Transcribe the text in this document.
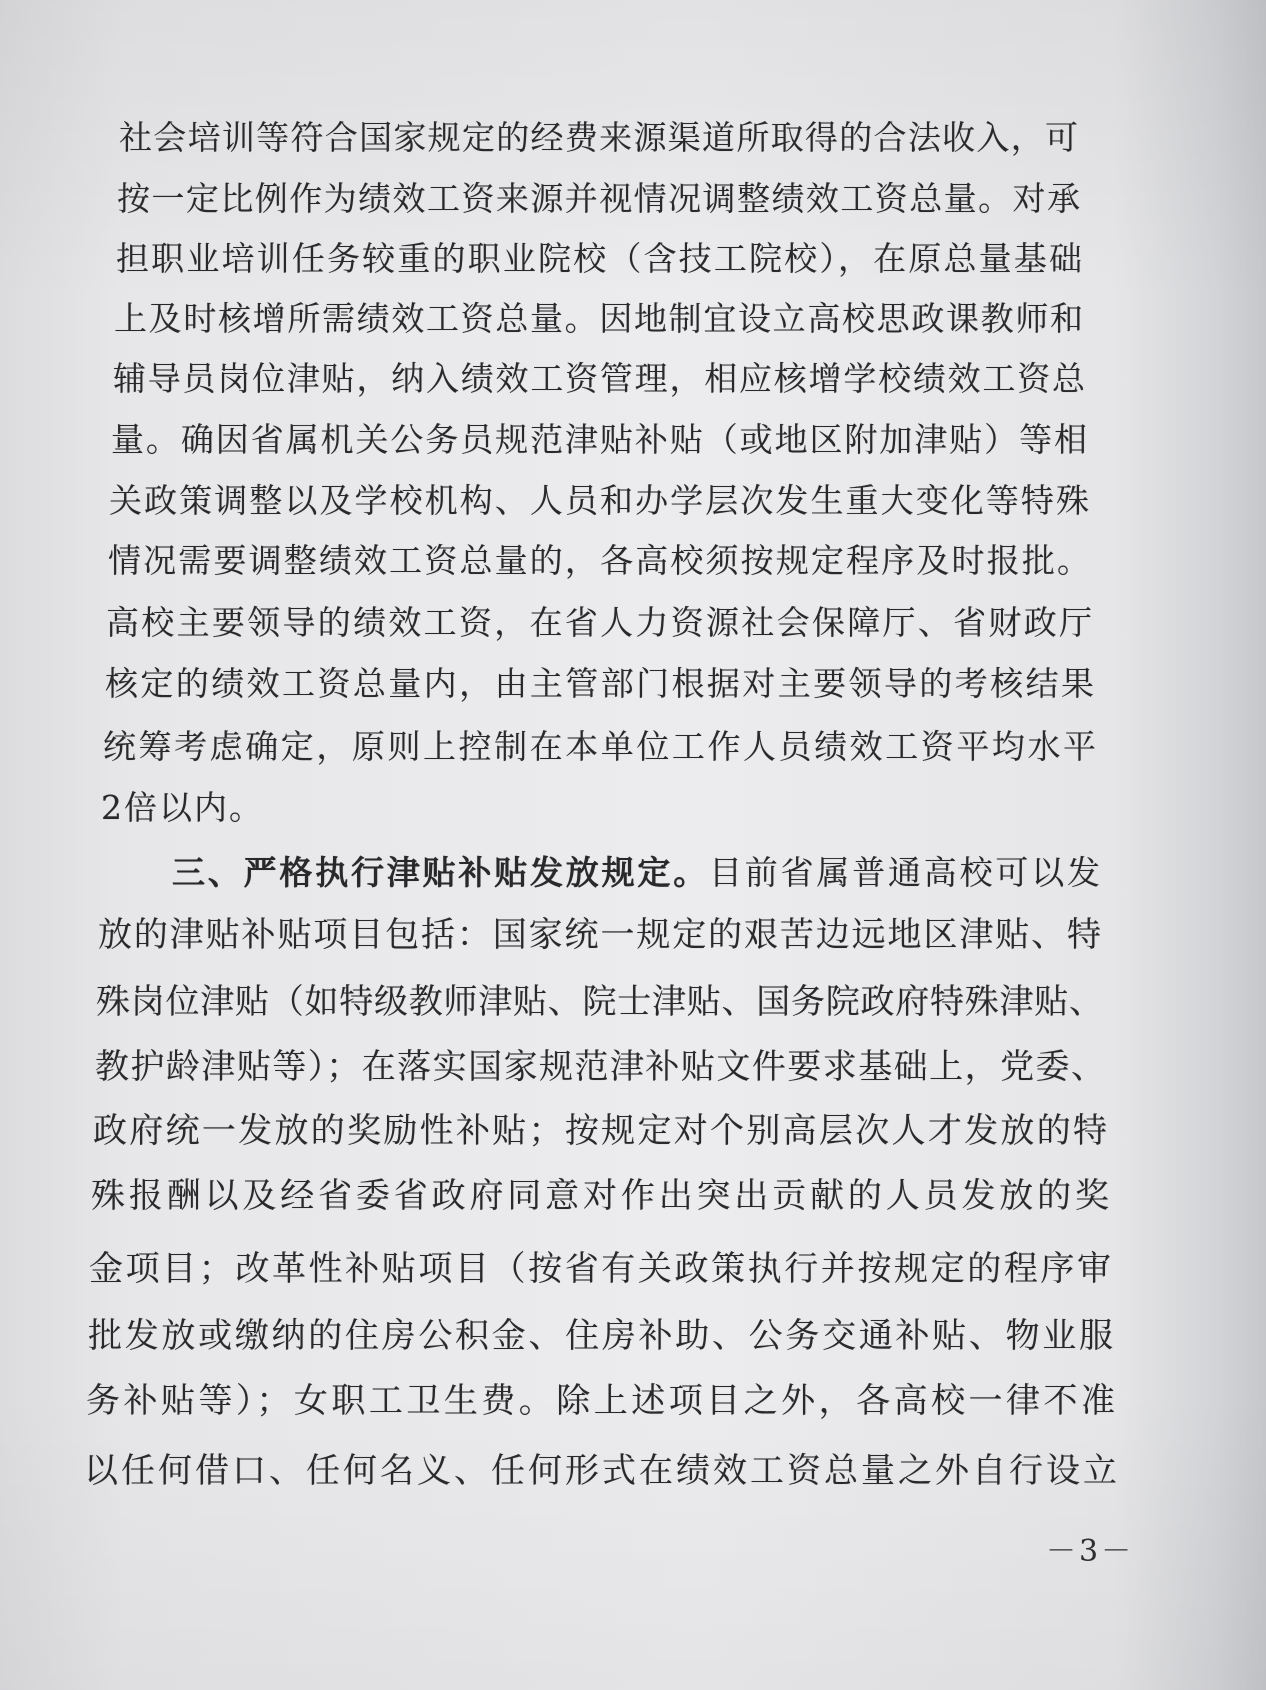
社会培训等符合国家规定的经费来源渠道所取得的合法收入，可
按一定比例作为绩效工资来源并视情况调整绩效工资总量。对承
担职业培训任务较重的职业院校（含技工院校），在原总量基础
上及时核增所需绩效工资总量。因地制宜设立高校思政课教师和
辅导员岗位津贴，纳入绩效工资管理，相应核增学校绩效工资总
量。确因省属机关公务员规范津贴补贴（或地区附加津贴）等相
关政策调整以及学校机构、人员和办学层次发生重大变化等特殊
情况需要调整绩效工资总量的，各高校须按规定程序及时报批。
高校主要领导的绩效工资，在省人力资源社会保障厅、省财政厅
核定的绩效工资总量内，由主管部门根据对主要领导的考核结果
统筹考虑确定，原则上控制在本单位工作人员绩效工资平均水平
2倍以内。
三、严格执行津贴补贴发放规定。目前省属普通高校可以发
放的津贴补贴项目包括：国家统一规定的艰苦边远地区津贴、特
殊岗位津贴（如特级教师津贴、院士津贴、国务院政府特殊津贴、
教护龄津贴等）；在落实国家规范津补贴文件要求基础上，党委、
政府统一发放的奖励性补贴；按规定对个别高层次人才发放的特
殊报酬以及经省委省政府同意对作出突出贡献的人员发放的奖
金项目；改革性补贴项目（按省有关政策执行并按规定的程序审
批发放或缴纳的住房公积金、住房补助、公务交通补贴、物业服
务补贴等）；女职工卫生费。除上述项目之外，各高校一律不准
以任何借口、任何名义、任何形式在绩效工资总量之外自行设立
－3－
